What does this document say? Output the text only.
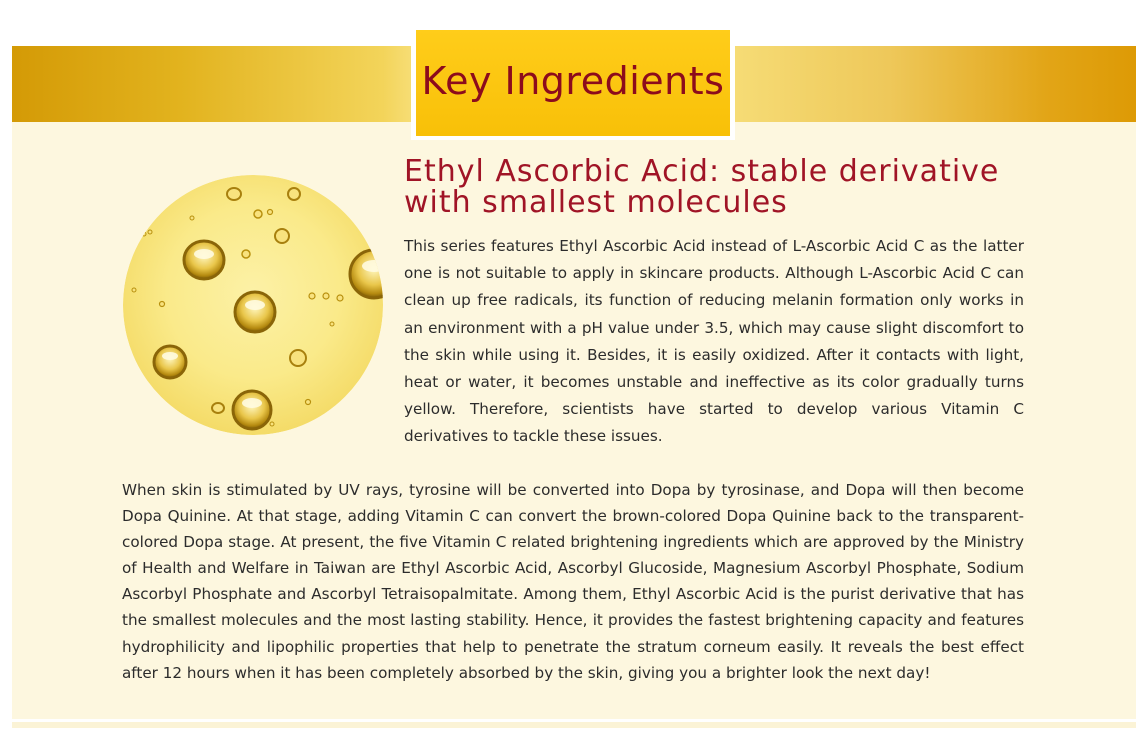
Key Ingredients
Ethyl Ascorbic Acid: stable derivative with smallest molecules

This series features Ethyl Ascorbic Acid instead of L-Ascorbic Acid C as the latter one is not suitable to apply in skincare products. Although L-Ascorbic Acid C can clean up free radicals, its function of reducing melanin formation only works in an environment with a pH value under 3.5, which may cause slight discomfort to the skin while using it. Besides, it is easily oxidized. After it contacts with light, heat or water, it becomes unstable and ineffective as its color gradually turns yellow. Therefore, scientists have started to develop various Vitamin C derivatives to tackle these issues.

When skin is stimulated by UV rays, tyrosine will be converted into Dopa by tyrosinase, and Dopa will then become Dopa Quinine. At that stage, adding Vitamin C can convert the brown-colored Dopa Quinine back to the transparent-colored Dopa stage. At present, the five Vitamin C related brightening ingredients which are approved by the Ministry of Health and Welfare in Taiwan are Ethyl Ascorbic Acid, Ascorbyl Glucoside, Magnesium Ascorbyl Phosphate, Sodium Ascorbyl Phosphate and Ascorbyl Tetraisopalmitate. Among them, Ethyl Ascorbic Acid is the purist derivative that has the smallest molecules and the most lasting stability. Hence, it provides the fastest brightening capacity and features hydrophilicity and lipophilic properties that help to penetrate the stratum corneum easily. It reveals the best effect after 12 hours when it has been completely absorbed by the skin, giving you a brighter look the next day!
